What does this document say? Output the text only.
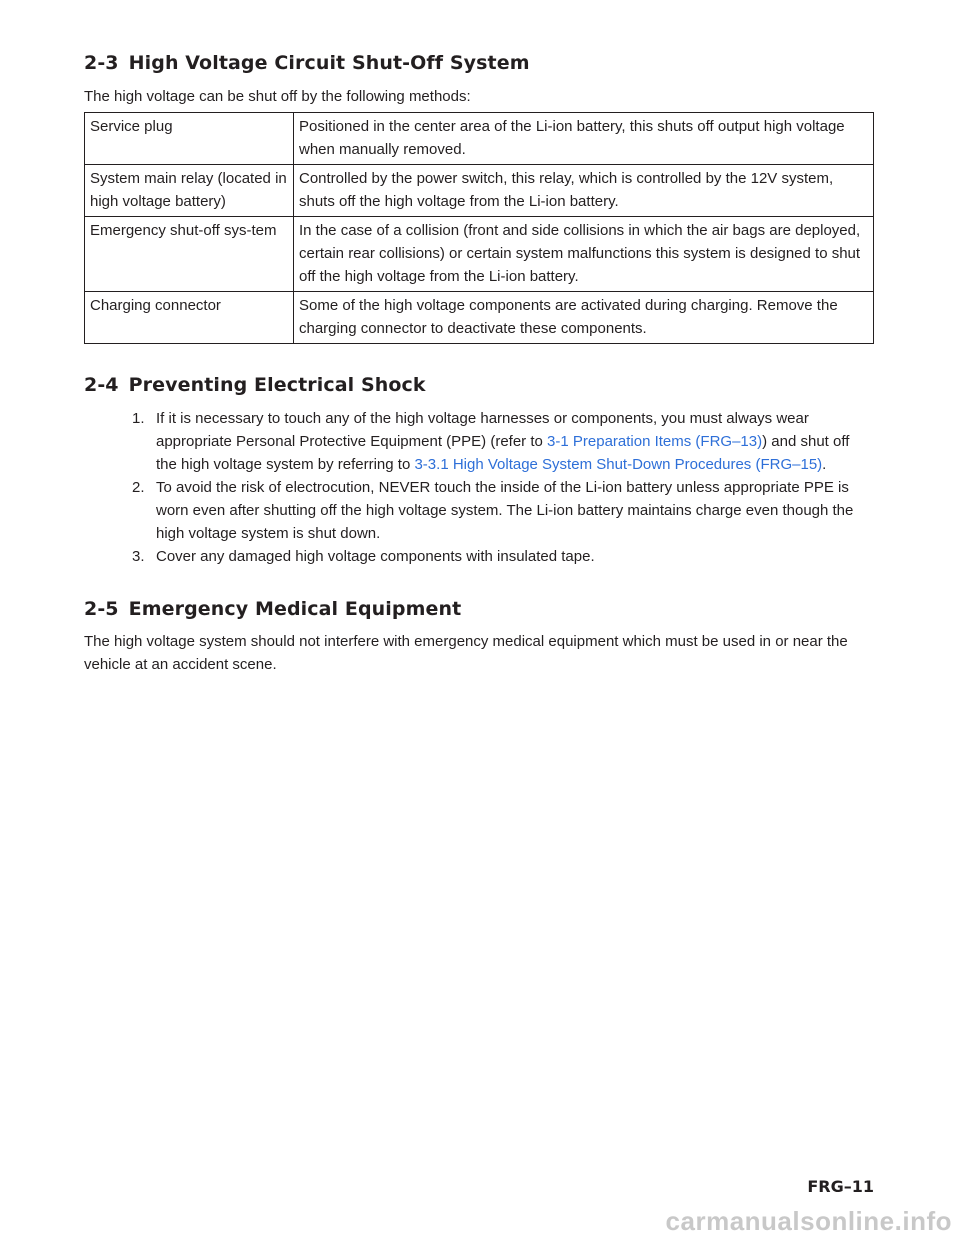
2-3 High Voltage Circuit Shut-Off System

The high voltage can be shut off by the following methods:

Service plug	Positioned in the center area of the Li-ion battery, this shuts off output high voltage when manually removed.
System main relay (located in high voltage battery)	Controlled by the power switch, this relay, which is controlled by the 12V system, shuts off the high voltage from the Li-ion battery.
Emergency shut-off sys-tem	In the case of a collision (front and side collisions in which the air bags are deployed, certain rear collisions) or certain system malfunctions this system is designed to shut off the high voltage from the Li-ion battery.
Charging connector	Some of the high voltage components are activated during charging. Remove the charging connector to deactivate these components.
2-4 Preventing Electrical Shock
1. If it is necessary to touch any of the high voltage harnesses or components, you must always wear appropriate Personal Protective Equipment (PPE) (refer to 3-1 Preparation Items (FRG–13)) and shut off the high voltage system by referring to 3-3.1 High Voltage System Shut-Down Procedures (FRG–15).
2. To avoid the risk of electrocution, NEVER touch the inside of the Li-ion battery unless appropriate PPE is worn even after shutting off the high voltage system. The Li-ion battery maintains charge even though the high voltage system is shut down.
3. Cover any damaged high voltage components with insulated tape.
2-5 Emergency Medical Equipment

The high voltage system should not interfere with emergency medical equipment which must be used in or near the vehicle at an accident scene.

FRG–11
carmanualsonline.info
